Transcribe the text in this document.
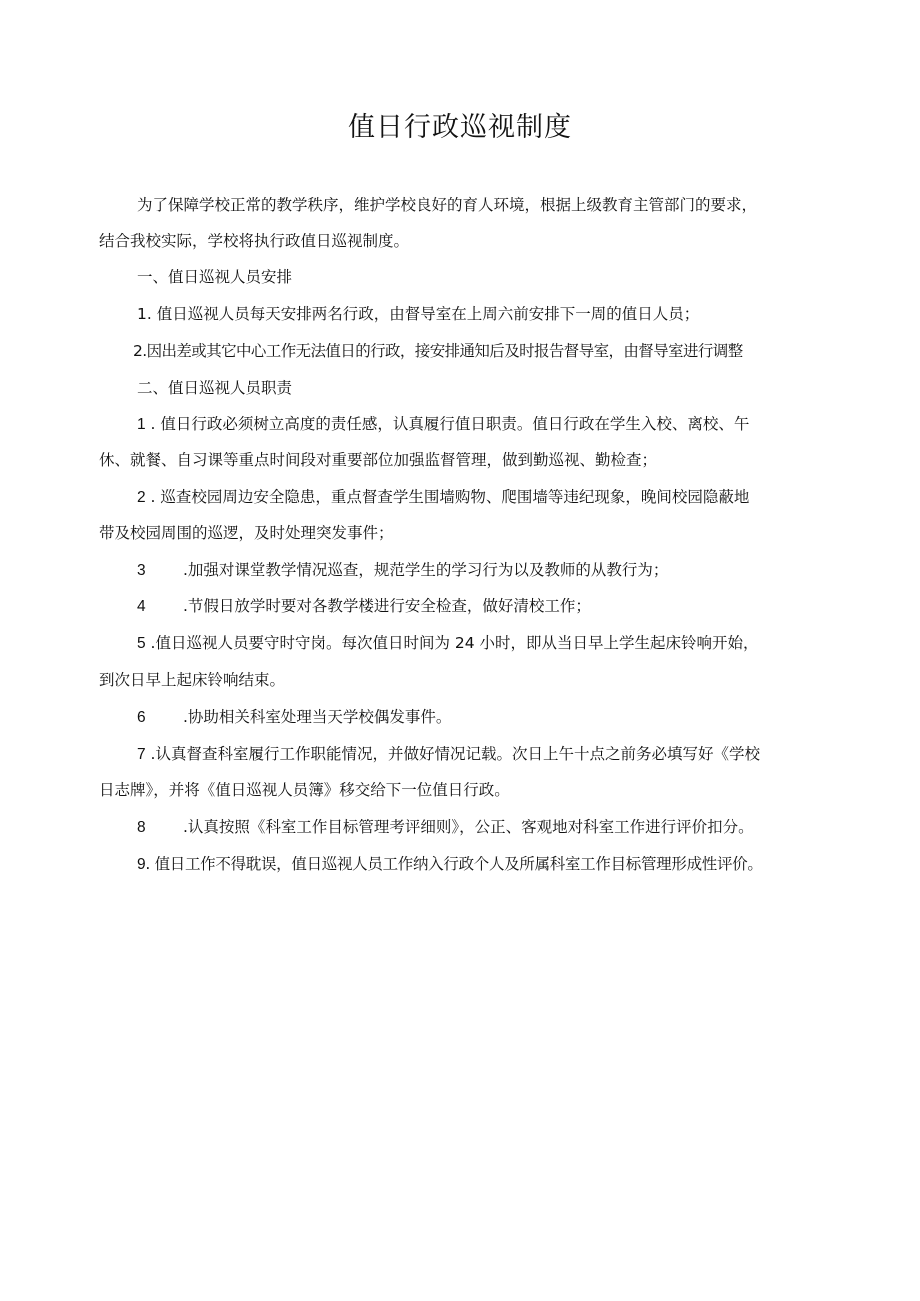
值日行政巡视制度
为了保障学校正常的教学秩序，维护学校良好的育人环境，根据上级教育主管部门的要求，
结合我校实际，学校将执行政值日巡视制度。
一、值日巡视人员安排
1. 值日巡视人员每天安排两名行政，由督导室在上周六前安排下一周的值日人员；
2.因出差或其它中心工作无法值日的行政，接安排通知后及时报告督导室，由督导室进行调整
二、值日巡视人员职责
1 . 值日行政必须树立高度的责任感，认真履行值日职责。值日行政在学生入校、离校、午
休、就餐、自习课等重点时间段对重要部位加强监督管理，做到勤巡视、勤检查；
2 . 巡查校园周边安全隐患，重点督查学生围墙购物、爬围墙等违纪现象，晚间校园隐蔽地
带及校园周围的巡逻，及时处理突发事件；
3 .加强对课堂教学情况巡查，规范学生的学习行为以及教师的从教行为；
4 .节假日放学时要对各教学楼进行安全检查，做好清校工作；
5 .值日巡视人员要守时守岗。每次值日时间为 24 小时，即从当日早上学生起床铃响开始，
到次日早上起床铃响结束。
6 .协助相关科室处理当天学校偶发事件。
7 .认真督查科室履行工作职能情况，并做好情况记载。次日上午十点之前务必填写好《学校
日志牌》，并将《值日巡视人员簿》移交给下一位值日行政。
8 .认真按照《科室工作目标管理考评细则》，公正、客观地对科室工作进行评价扣分。
9. 值日工作不得耽误，值日巡视人员工作纳入行政个人及所属科室工作目标管理形成性评价。
